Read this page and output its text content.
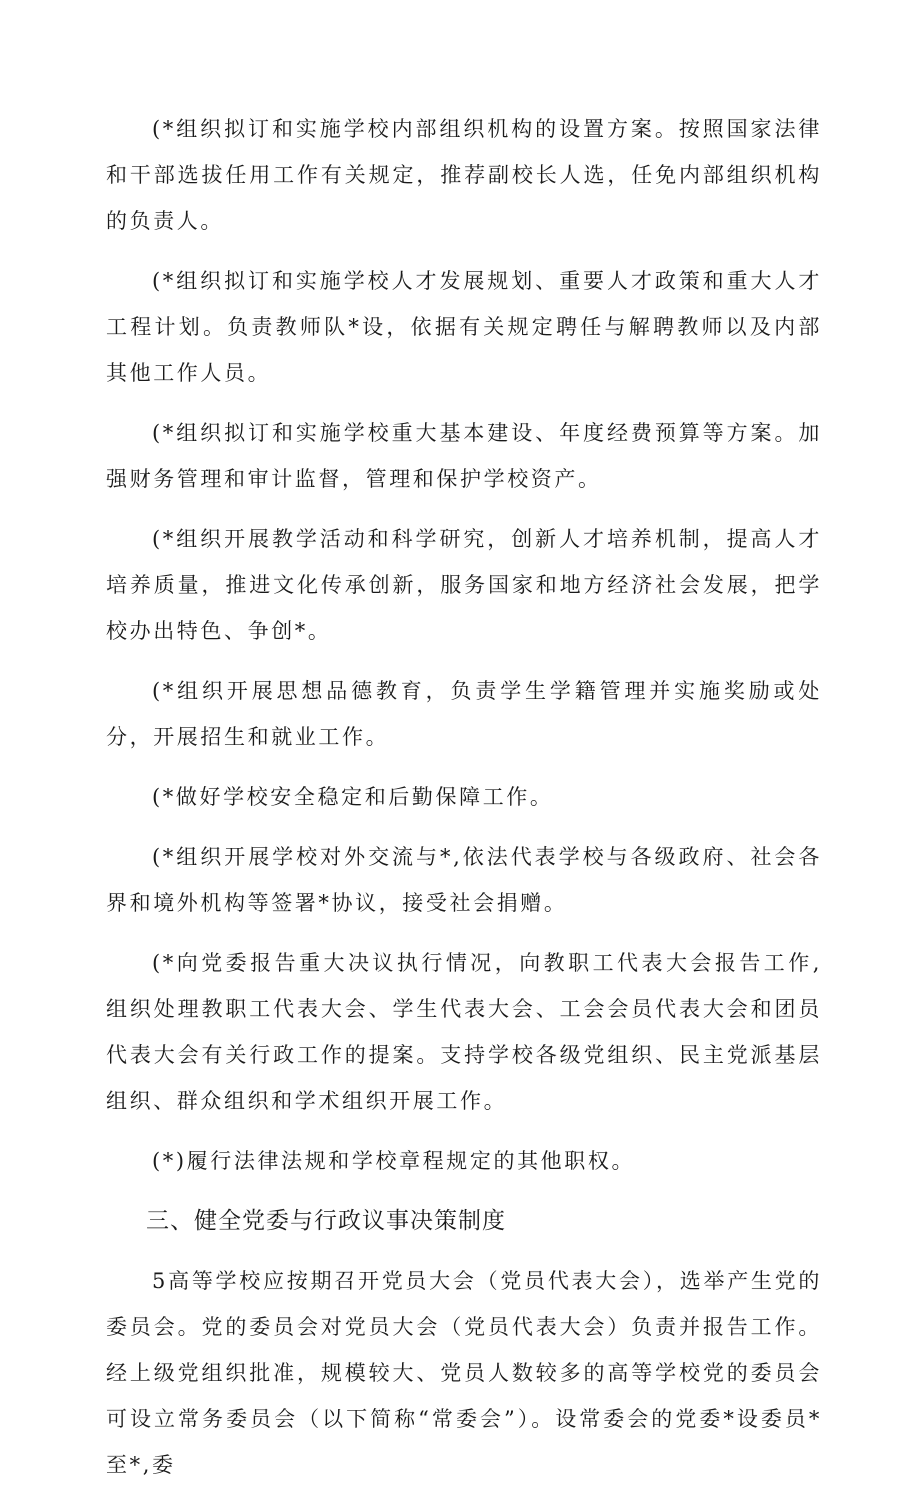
(*组织拟订和实施学校内部组织机构的设置方案。按照国家法律和干部选拔任用工作有关规定，推荐副校长人选，任免内部组织机构的负责人。

(*组织拟订和实施学校人才发展规划、重要人才政策和重大人才工程计划。负责教师队*设，依据有关规定聘任与解聘教师以及内部其他工作人员。

(*组织拟订和实施学校重大基本建设、年度经费预算等方案。加强财务管理和审计监督，管理和保护学校资产。

(*组织开展教学活动和科学研究，创新人才培养机制，提高人才培养质量，推进文化传承创新，服务国家和地方经济社会发展，把学校办出特色、争创*。

(*组织开展思想品德教育，负责学生学籍管理并实施奖励或处分，开展招生和就业工作。

(*做好学校安全稳定和后勤保障工作。

(*组织开展学校对外交流与*,依法代表学校与各级政府、社会各界和境外机构等签署*协议，接受社会捐赠。

(*向党委报告重大决议执行情况，向教职工代表大会报告工作,组织处理教职工代表大会、学生代表大会、工会会员代表大会和团员代表大会有关行政工作的提案。支持学校各级党组织、民主党派基层组织、群众组织和学术组织开展工作。

(*)履行法律法规和学校章程规定的其他职权。

三、健全党委与行政议事决策制度

5高等学校应按期召开党员大会（党员代表大会），选举产生党的委员会。党的委员会对党员大会（党员代表大会）负责并报告工作。经上级党组织批准，规模较大、党员人数较多的高等学校党的委员会可设立常务委员会（以下简称“常委会”）。设常委会的党委*设委员*至*,委
